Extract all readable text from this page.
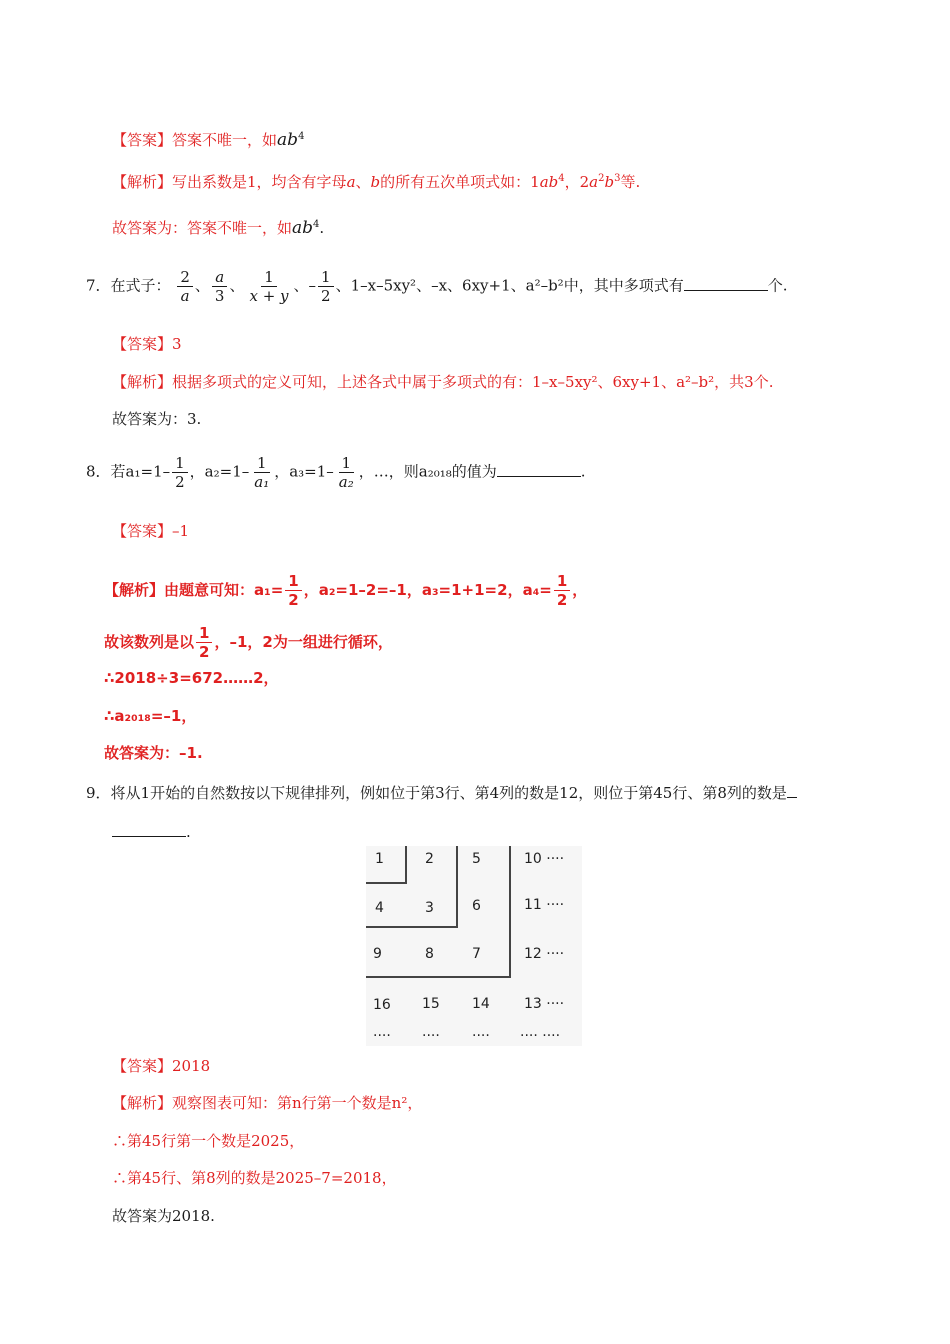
【答案】答案不唯一，如$ab^4$
【解析】写出系数是1，均含有字母a、b的所有五次单项式如：$1ab^4$，$2a^2b^3$等.
故答案为：答案不唯一，如$ab^4$.
7．在式子： $\frac{2}{a}$ 、 $\frac{a}{3}$ 、 $\frac{1}{x + y}$ 、– $\frac{1}{2}$ 、1–x–5xy²、–x、6xy+1、a²–b²中，其中多项式有	个.
【答案】3
【解析】根据多项式的定义可知，上述各式中属于多项式的有：1–x–5xy²、6xy+1、a²–b²，共3个.
故答案为：3.
8．若$a_1=1- \frac{1}{2}$ ，$a_2=1- \frac{1}{\text{a₁}}$ ，$a_3=1- \frac{1}{\text{a₂}}$ ，…，则a₂₀₁₈的值为	.
【答案】–1
【解析】由题意可知：$a_1= \frac{1}{2}$ ，a₂=1–2=–1，a₃=1+1=2，$a_4= \frac{1}{2}$ ，
故该数列是以 $\frac{1}{2}$ ，–1，2为一组进行循环，
∴2018÷3=672……2，
∴a₂₀₁₈=–1，
故答案为：–1.
9．将从1开始的自然数按以下规律排列，例如位于第3行、第4列的数是12，则位于第45行、第8列的数是
.
1	2	5	10 ····
4	3	6	11 ····
9	8	7	12 ····
16 15 14 13 ····
···· ···· ···· ···· ····
【答案】2018
【解析】观察图表可知：第n行第一个数是n²，
∴第45行第一个数是2025，
∴第45行、第8列的数是2025–7=2018，
故答案为2018.
